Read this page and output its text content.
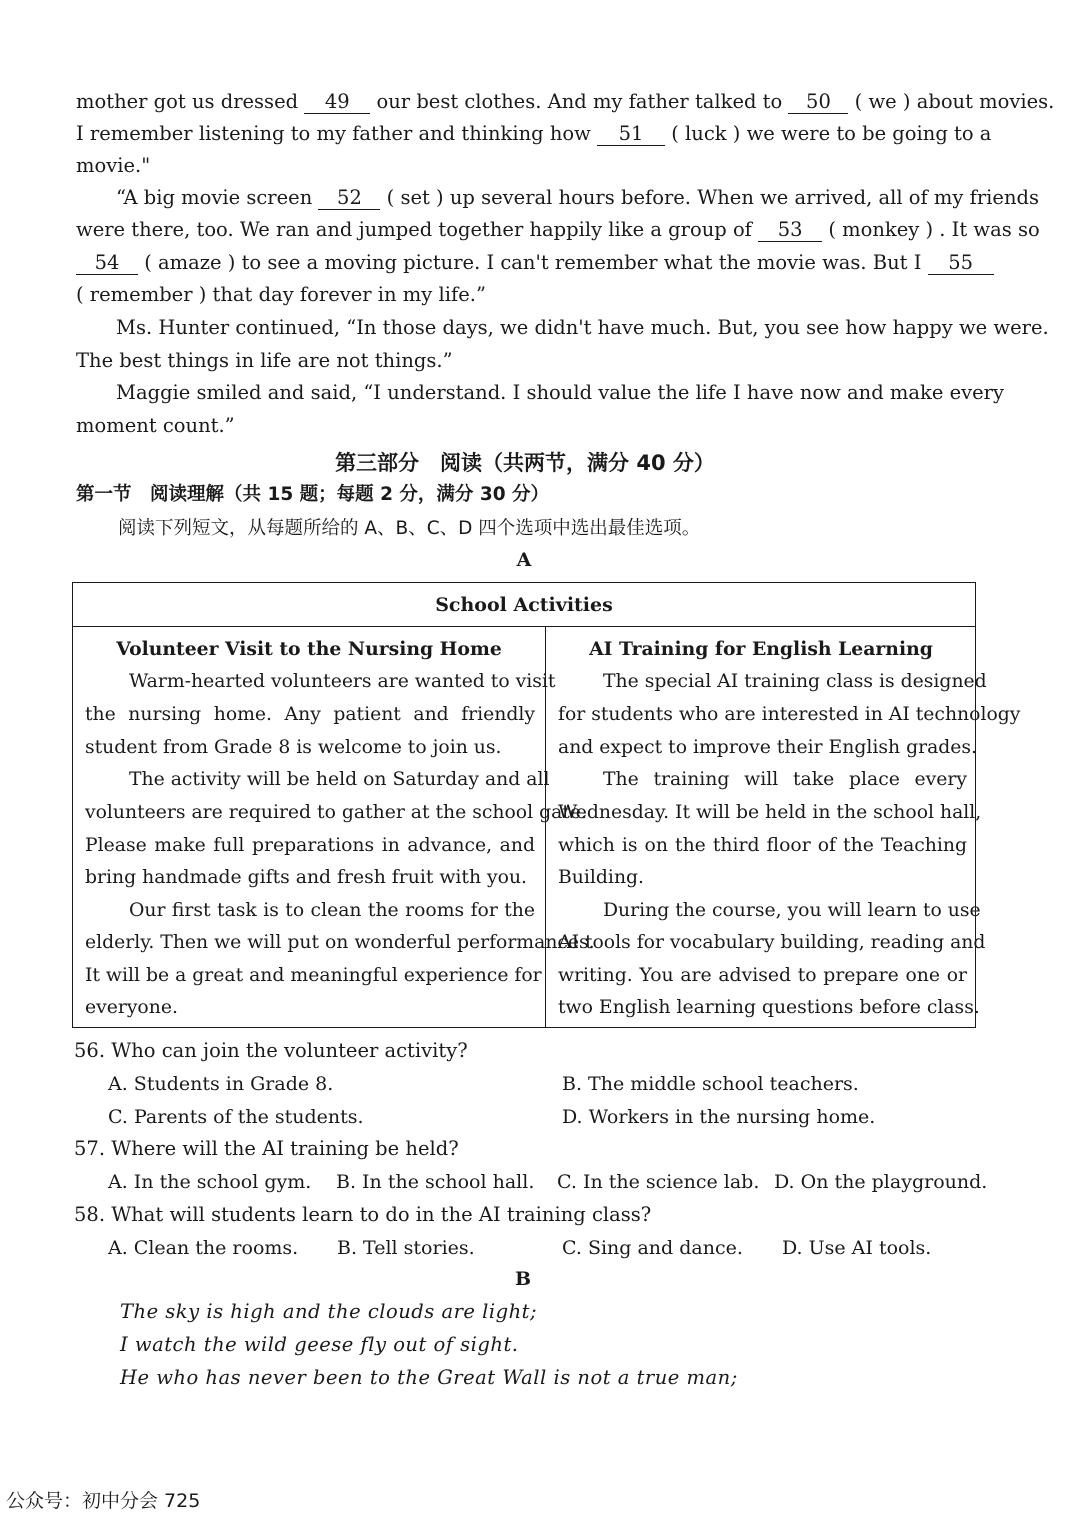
mother got us dressed 49 our best clothes. And my father talked to 50 ( we ) about movies.
I remember listening to my father and thinking how 51 ( luck ) we were to be going to a
movie."
“A big movie screen 52 ( set ) up several hours before. When we arrived, all of my friends
were there, too. We ran and jumped together happily like a group of 53 ( monkey ) . It was so
54 ( amaze ) to see a moving picture. I can't remember what the movie was. But I 55
( remember ) that day forever in my life.”
Ms. Hunter continued, “In those days, we didn't have much. But, you see how happy we were.
The best things in life are not things.”
Maggie smiled and said, “I understand. I should value the life I have now and make every
moment count.”
第三部分　阅读（共两节，满分 40 分）
第一节　阅读理解（共 15 题；每题 2 分，满分 30 分）
阅读下列短文，从每题所给的 A、B、C、D 四个选项中选出最佳选项。
A
School Activities
Volunteer Visit to the Nursing Home
Warm-hearted volunteers are wanted to visit
the nursing home. Any patient and friendly
student from Grade 8 is welcome to join us.
The activity will be held on Saturday and all
volunteers are required to gather at the school gate.
Please make full preparations in advance, and
bring handmade gifts and fresh fruit with you.
Our first task is to clean the rooms for the
elderly. Then we will put on wonderful performances.
It will be a great and meaningful experience for
everyone.
AI Training for English Learning
The special AI training class is designed
for students who are interested in AI technology
and expect to improve their English grades.
The training will take place every
Wednesday. It will be held in the school hall,
which is on the third floor of the Teaching
Building.
During the course, you will learn to use
AI tools for vocabulary building, reading and
writing. You are advised to prepare one or
two English learning questions before class.
56. Who can join the volunteer activity?
A. Students in Grade 8.	B. The middle school teachers.
C. Parents of the students.	D. Workers in the nursing home.
57. Where will the AI training be held?
A. In the school gym. B. In the school hall. C. In the science lab. D. On the playground.
58. What will students learn to do in the AI training class?
A. Clean the rooms. B. Tell stories.	C. Sing and dance. D. Use AI tools.
B
The sky is high and the clouds are light;
I watch the wild geese fly out of sight.
He who has never been to the Great Wall is not a true man;
公众号：初中分会 725
